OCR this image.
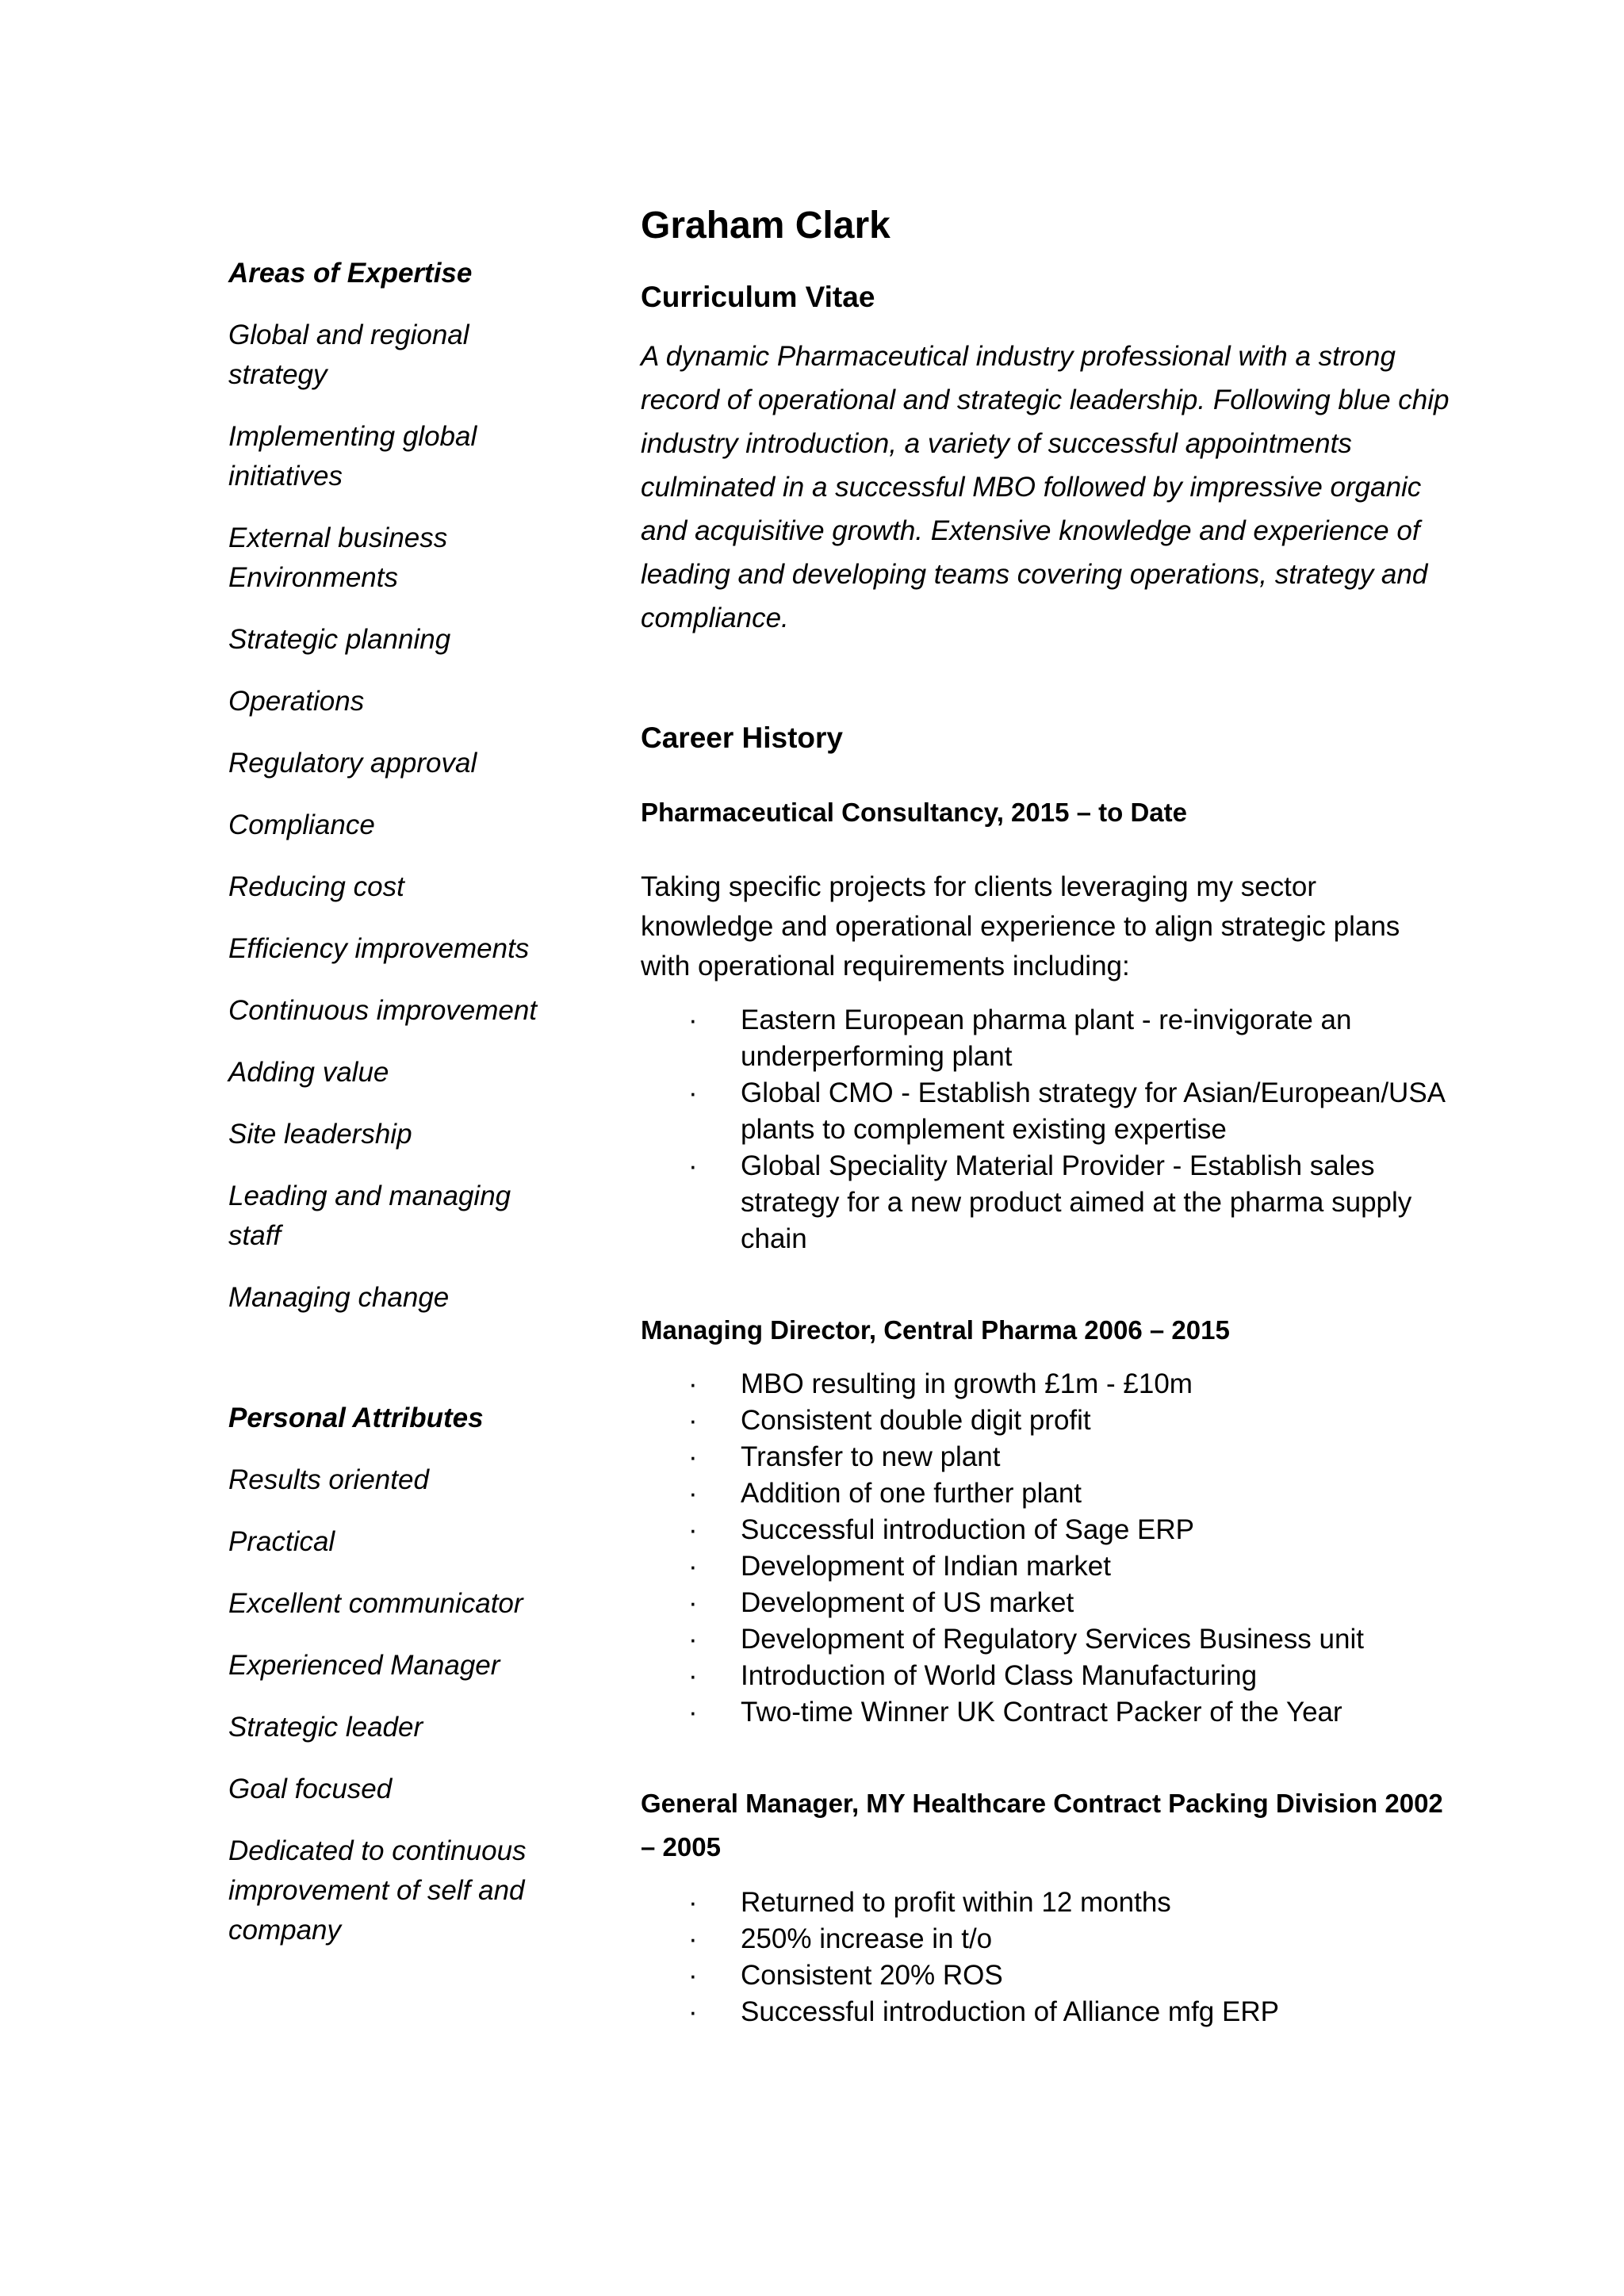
Areas of Expertise
Global and regional strategy
Implementing global initiatives
External business Environments
Strategic planning
Operations
Regulatory approval
Compliance
Reducing cost
Efficiency improvements
Continuous improvement
Adding value
Site leadership
Leading and managing staff
Managing change
Personal Attributes
Results oriented
Practical
Excellent communicator
Experienced Manager
Strategic leader
Goal focused
Dedicated to continuous improvement of self and company
Graham Clark
Curriculum Vitae

A dynamic Pharmaceutical industry professional with a strong record of operational and strategic leadership. Following blue chip industry introduction, a variety of successful appointments culminated in a successful MBO followed by impressive organic and acquisitive growth. Extensive knowledge and experience of leading and developing teams covering operations, strategy and compliance.

Career History
Pharmaceutical Consultancy, 2015 – to Date

Taking specific projects for clients leveraging my sector knowledge and operational experience to align strategic plans with operational requirements including:

· Eastern European pharma plant - re-invigorate an underperforming plant
· Global CMO - Establish strategy for Asian/European/USA plants to complement existing expertise
· Global Speciality Material Provider - Establish sales strategy for a new product aimed at the pharma supply chain
Managing Director, Central Pharma 2006 – 2015
· MBO resulting in growth £1m - £10m
· Consistent double digit profit
· Transfer to new plant
· Addition of one further plant
· Successful introduction of Sage ERP
· Development of Indian market
· Development of US market
· Development of Regulatory Services Business unit
· Introduction of World Class Manufacturing
· Two-time Winner UK Contract Packer of the Year
General Manager, MY Healthcare Contract Packing Division 2002 – 2005
· Returned to profit within 12 months
· 250% increase in t/o
· Consistent 20% ROS
· Successful introduction of Alliance mfg ERP
